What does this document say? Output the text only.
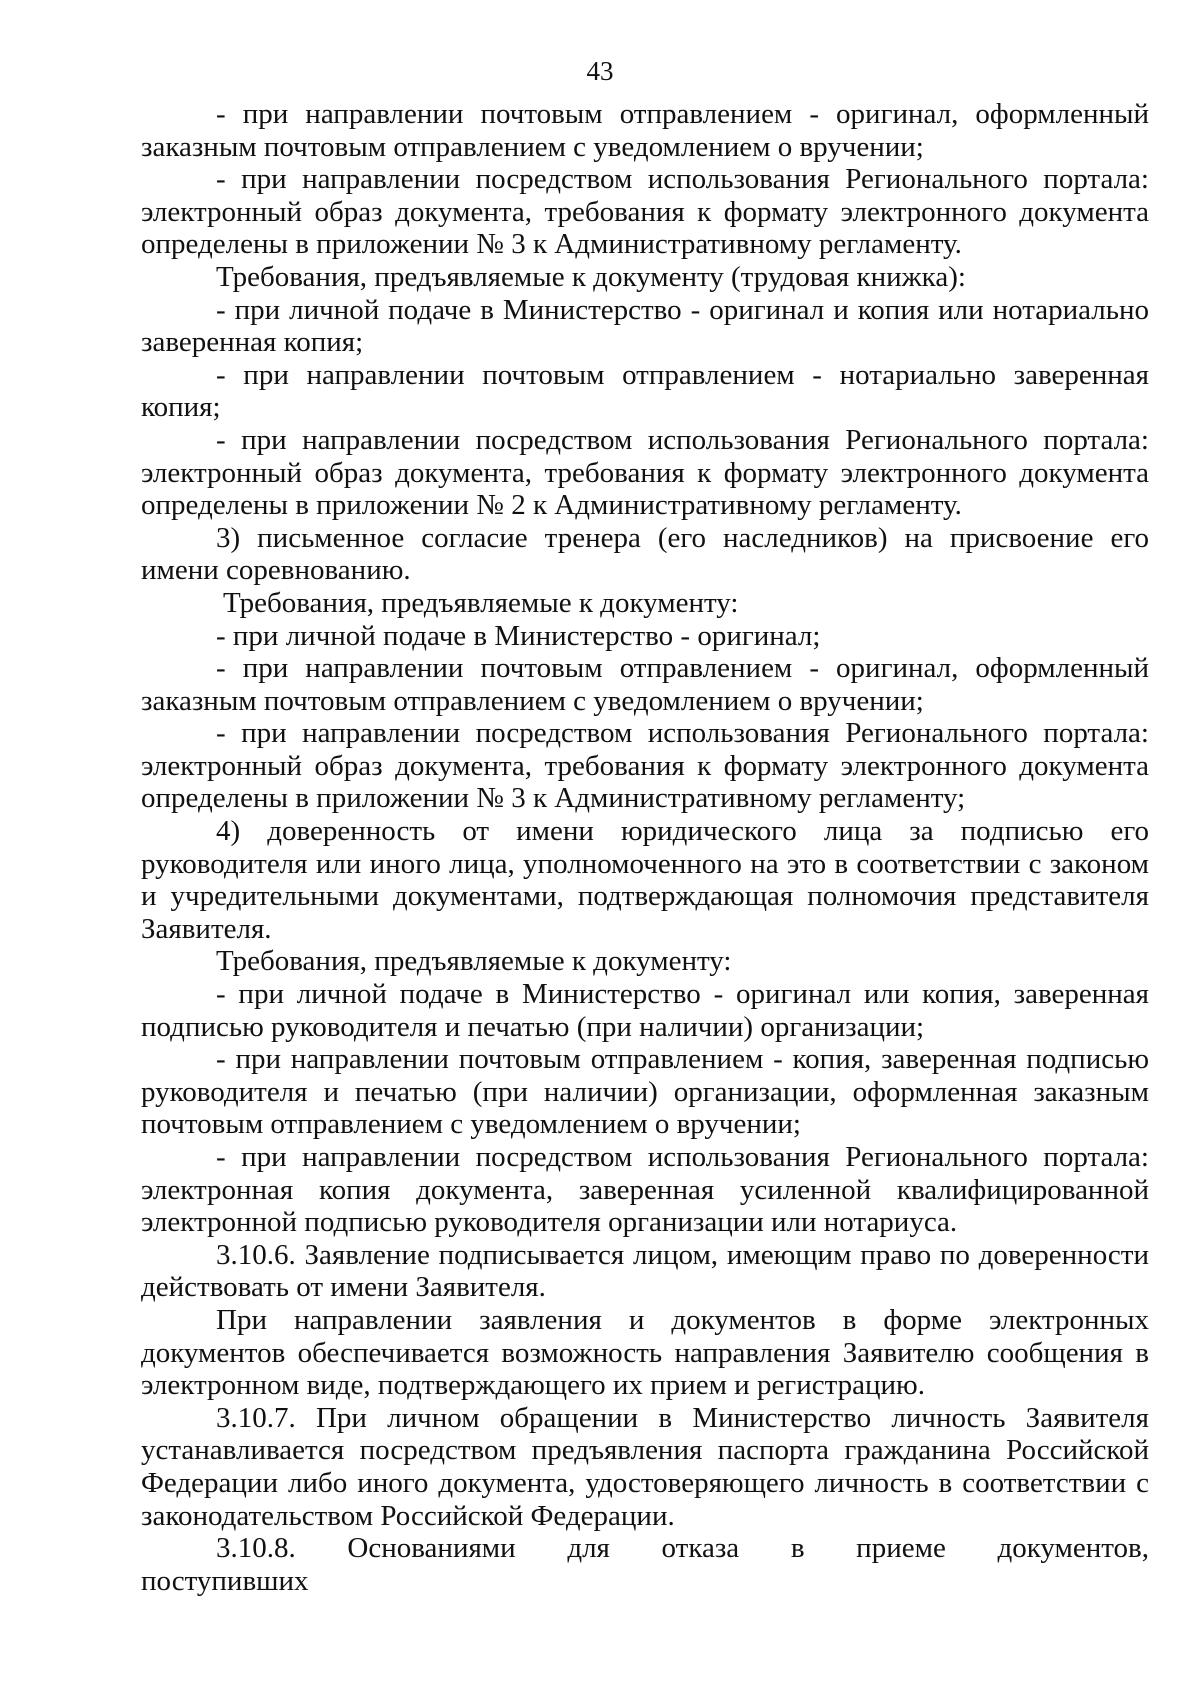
43

- при направлении почтовым отправлением - оригинал, оформленный заказным почтовым отправлением с уведомлением о вручении;

- при направлении посредством использования Регионального портала: электронный образ документа, требования к формату электронного документа определены в приложении № 3 к Административному регламенту.

Требования, предъявляемые к документу (трудовая книжка):

- при личной подаче в Министерство - оригинал и копия или нотариально заверенная копия;

- при направлении почтовым отправлением - нотариально заверенная копия;

- при направлении посредством использования Регионального портала: электронный образ документа, требования к формату электронного документа определены в приложении № 2 к Административному регламенту.

3) письменное согласие тренера (его наследников) на присвоение его имени соревнованию.

Требования, предъявляемые к документу:

- при личной подаче в Министерство - оригинал;

- при направлении почтовым отправлением - оригинал, оформленный заказным почтовым отправлением с уведомлением о вручении;

- при направлении посредством использования Регионального портала: электронный образ документа, требования к формату электронного документа определены в приложении № 3 к Административному регламенту;

4) доверенность от имени юридического лица за подписью его руководителя или иного лица, уполномоченного на это в соответствии с законом и учредительными документами, подтверждающая полномочия представителя Заявителя.

Требования, предъявляемые к документу:

- при личной подаче в Министерство - оригинал или копия, заверенная подписью руководителя и печатью (при наличии) организации;

- при направлении почтовым отправлением - копия, заверенная подписью руководителя и печатью (при наличии) организации, оформленная заказным почтовым отправлением с уведомлением о вручении;

- при направлении посредством использования Регионального портала: электронная копия документа, заверенная усиленной квалифицированной электронной подписью руководителя организации или нотариуса.

3.10.6. Заявление подписывается лицом, имеющим право по доверенности действовать от имени Заявителя.

При направлении заявления и документов в форме электронных документов обеспечивается возможность направления Заявителю сообщения в электронном виде, подтверждающего их прием и регистрацию.

3.10.7. При личном обращении в Министерство личность Заявителя устанавливается посредством предъявления паспорта гражданина Российской Федерации либо иного документа, удостоверяющего личность в соответствии с законодательством Российской Федерации.

3.10.8. Основаниями для отказа в приеме документов, поступивших
